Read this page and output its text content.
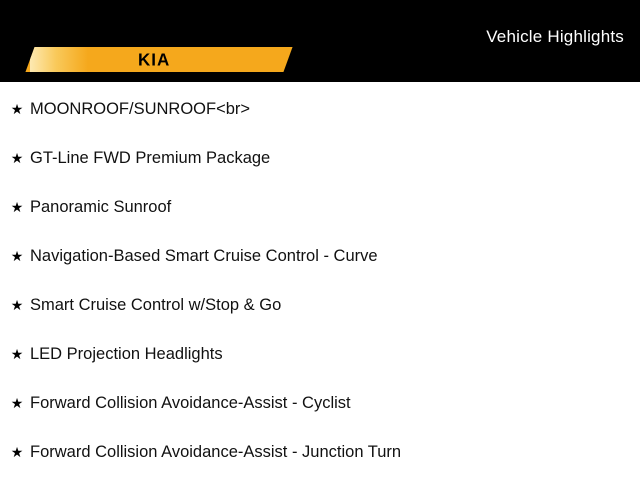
Vehicle Highlights
KIA
★ MOONROOF/SUNROOF<br>
★ GT-Line FWD Premium Package
★ Panoramic Sunroof
★ Navigation-Based Smart Cruise Control - Curve
★ Smart Cruise Control w/Stop & Go
★ LED Projection Headlights
★ Forward Collision Avoidance-Assist - Cyclist
★ Forward Collision Avoidance-Assist - Junction Turn
